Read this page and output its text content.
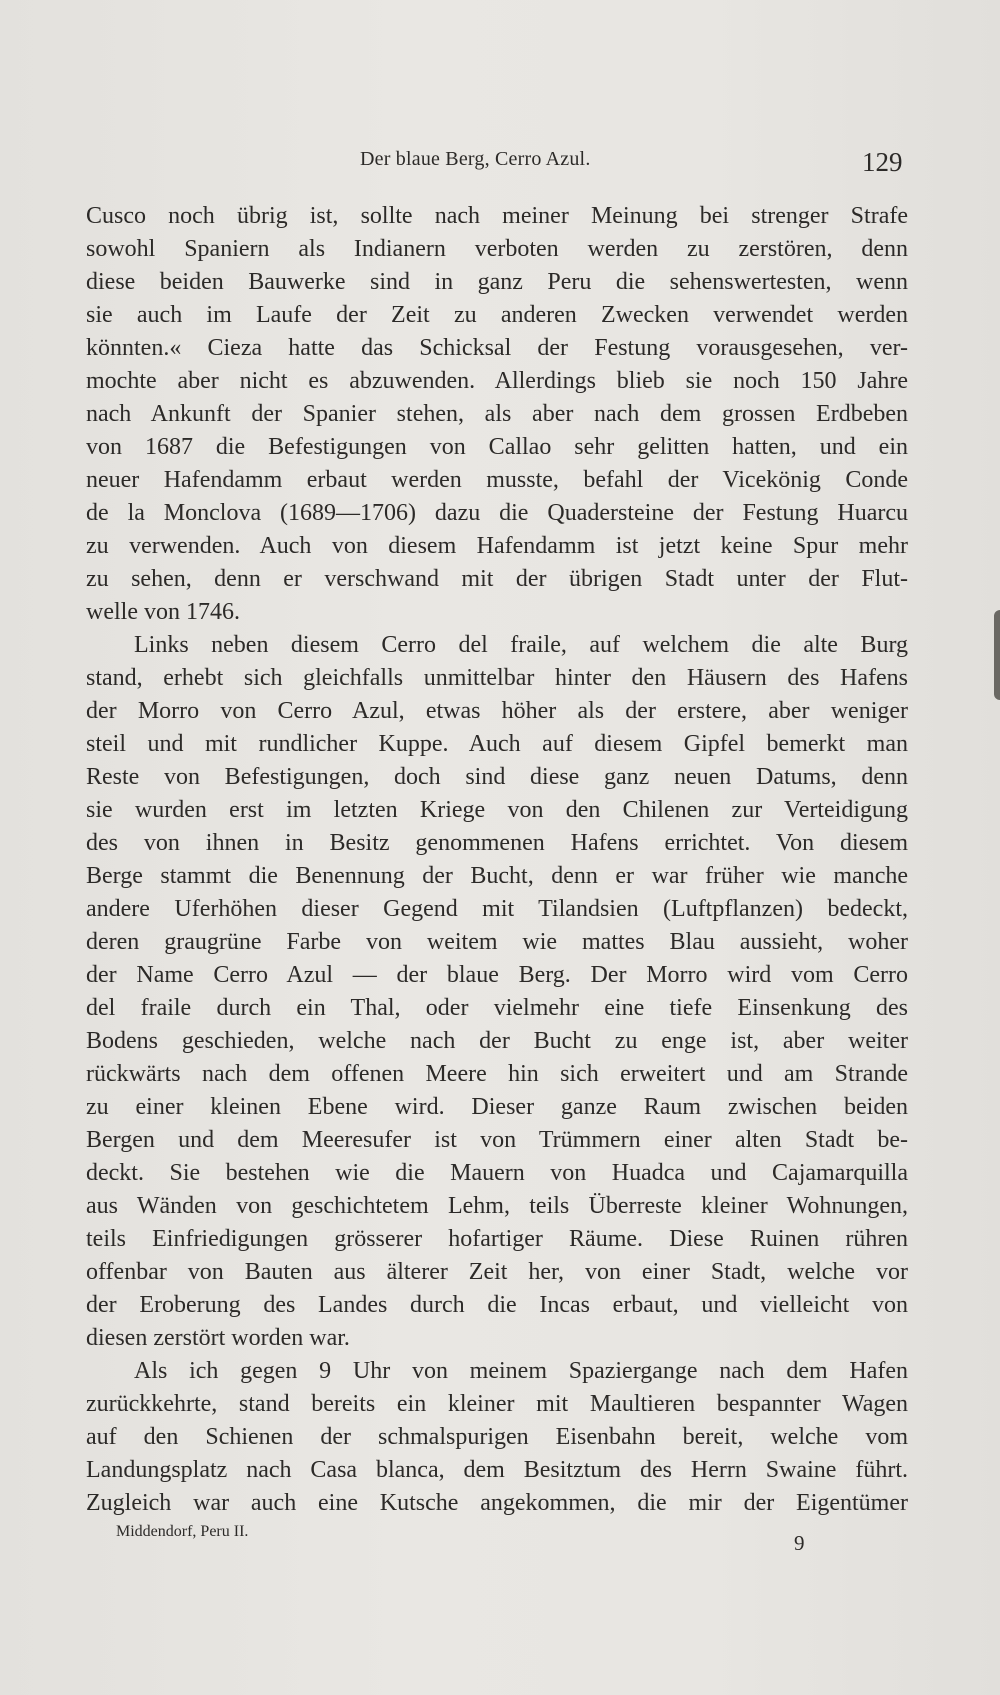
Der blaue Berg, Cerro Azul.	129
Cusco noch übrig ist, sollte nach meiner Meinung bei strenger Strafe
sowohl Spaniern als Indianern verboten werden zu zerstören, denn
diese beiden Bauwerke sind in ganz Peru die sehenswertesten, wenn
sie auch im Laufe der Zeit zu anderen Zwecken verwendet werden
könnten.« Cieza hatte das Schicksal der Festung vorausgesehen, ver-
mochte aber nicht es abzuwenden. Allerdings blieb sie noch 150 Jahre
nach Ankunft der Spanier stehen, als aber nach dem grossen Erdbeben
von 1687 die Befestigungen von Callao sehr gelitten hatten, und ein
neuer Hafendamm erbaut werden musste, befahl der Vicekönig Conde
de la Monclova (1689—1706) dazu die Quadersteine der Festung Huarcu
zu verwenden. Auch von diesem Hafendamm ist jetzt keine Spur mehr
zu sehen, denn er verschwand mit der übrigen Stadt unter der Flut-
welle von 1746.
Links neben diesem Cerro del fraile, auf welchem die alte Burg
stand, erhebt sich gleichfalls unmittelbar hinter den Häusern des Hafens
der Morro von Cerro Azul, etwas höher als der erstere, aber weniger
steil und mit rundlicher Kuppe. Auch auf diesem Gipfel bemerkt man
Reste von Befestigungen, doch sind diese ganz neuen Datums, denn
sie wurden erst im letzten Kriege von den Chilenen zur Verteidigung
des von ihnen in Besitz genommenen Hafens errichtet. Von diesem
Berge stammt die Benennung der Bucht, denn er war früher wie manche
andere Uferhöhen dieser Gegend mit Tilandsien (Luftpflanzen) bedeckt,
deren graugrüne Farbe von weitem wie mattes Blau aussieht, woher
der Name Cerro Azul — der blaue Berg. Der Morro wird vom Cerro
del fraile durch ein Thal, oder vielmehr eine tiefe Einsenkung des
Bodens geschieden, welche nach der Bucht zu enge ist, aber weiter
rückwärts nach dem offenen Meere hin sich erweitert und am Strande
zu einer kleinen Ebene wird. Dieser ganze Raum zwischen beiden
Bergen und dem Meeresufer ist von Trümmern einer alten Stadt be-
deckt. Sie bestehen wie die Mauern von Huadca und Cajamarquilla
aus Wänden von geschichtetem Lehm, teils Überreste kleiner Wohnungen,
teils Einfriedigungen grösserer hofartiger Räume. Diese Ruinen rühren
offenbar von Bauten aus älterer Zeit her, von einer Stadt, welche vor
der Eroberung des Landes durch die Incas erbaut, und vielleicht von
diesen zerstört worden war.
Als ich gegen 9 Uhr von meinem Spaziergange nach dem Hafen
zurückkehrte, stand bereits ein kleiner mit Maultieren bespannter Wagen
auf den Schienen der schmalspurigen Eisenbahn bereit, welche vom
Landungsplatz nach Casa blanca, dem Besitztum des Herrn Swaine führt.
Zugleich war auch eine Kutsche angekommen, die mir der Eigentümer
Middendorf, Peru II.	9
